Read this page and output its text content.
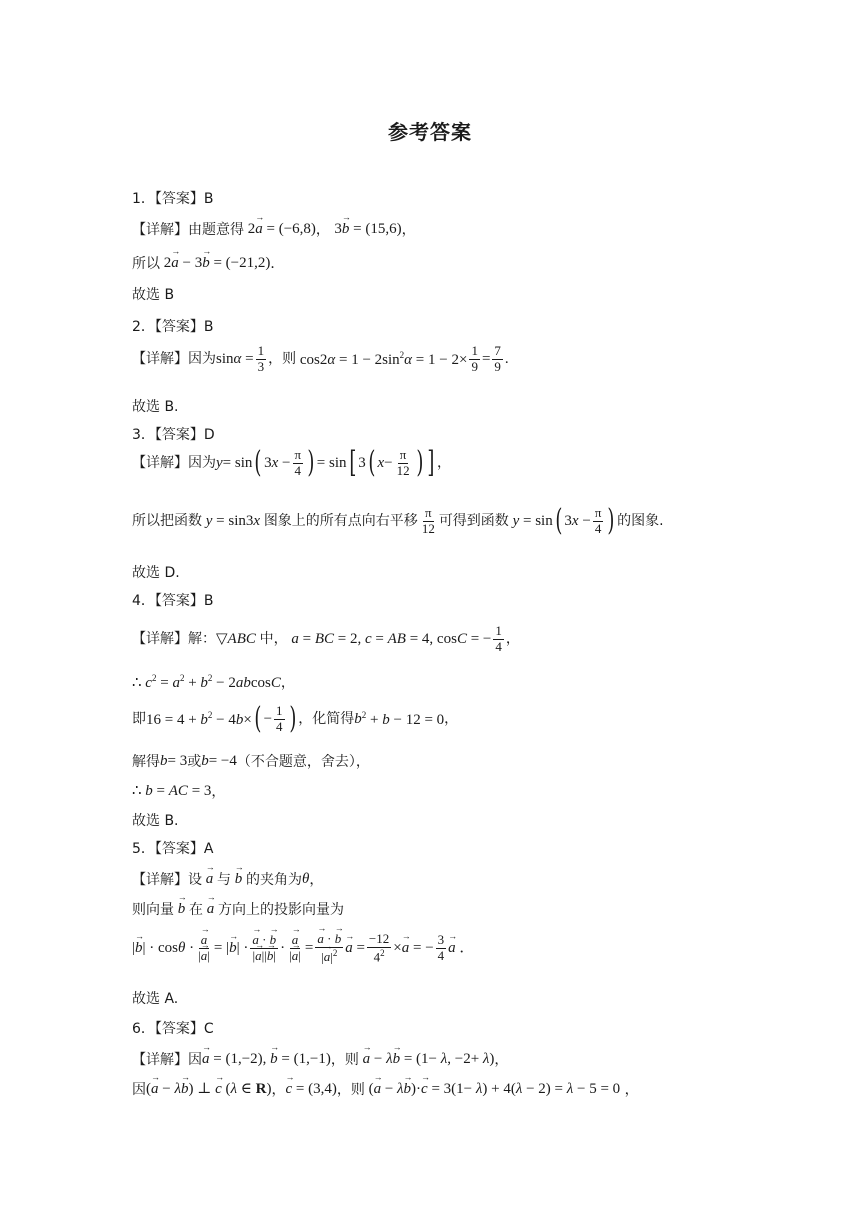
参考答案
1．【答案】B
【详解】由题意得 2→ a = (−6,8) ， 3→ b = (15,6) ，
所以 2→ a − 3→ b = (−21,2) ．
故选 B
2．【答案】B
【详解】因为 $\sin\alpha = \frac{1}{3}$ ，则 $\cos 2\alpha = 1 - 2\sin^2\alpha = 1 - 2\times \frac{1}{9} = \frac{7}{9}$ .
故选 B.
3．【答案】D
【详解】因为 y = sin ( $3x - \frac{\pi}{4}$ ) = sin [ 3 ( $x - \frac{\pi}{12}$ ) ] ，
所以把函数 y = sin3x 图象上的所有点向右平移 $\frac{\pi}{12}$ 可得到函数 y = sin ( $3x - \frac{\pi}{4}$ ) 的图象.
故选 D.
4．【答案】B
【详解】解： ▽ABC 中， a = BC = 2, c = AB = 4, cosC = − $\frac{1}{4}$ ，
∴ $c^2 = a^2 + b^2 - 2abcosC$ ，
即 $16 = 4 + b^2 - 4b\times$ ( − $\frac{1}{4}$ ) ，化简得 b $^2$ + b − 12 = 0 ，
解得 b = 3 或 b = −4 （不合题意，舍去），
∴ b = AC = 3 ，
故选 B.
5．【答案】A
【详解】设
→ a 与
→ b 的夹角为 θ ，
则向量
→ b 在
→ a 方向上的投影向量为
|→ b| · cosθ ·
→ $\frac{a}{|\to a|}$ = |→ b| ·
→ $\frac{a \cdot \to b}{|\to a||\to b|}$ ·
→ $\frac{a}{|\to a|}$ =
→ $\frac{a \cdot \to b}{|\to a|^2}$
→ $a = \frac{-12}{4^2} \times\to a$ = − $\frac{3}{4}$
→ a ．
故选 A.
6．【答案】C
【详解】因
→ a = (1,−2), → b = (1,−1) ，则
→ a − λ→ b = (1− λ, −2+ λ) ，
因 (→ a − λ→ b) ⊥ → c (λ ∈ R) ，
→ c = (3,4) ，则 (→ a − λ→ b)·→ c = 3(1− λ) + 4(λ − 2) = λ − 5 = 0 ，
